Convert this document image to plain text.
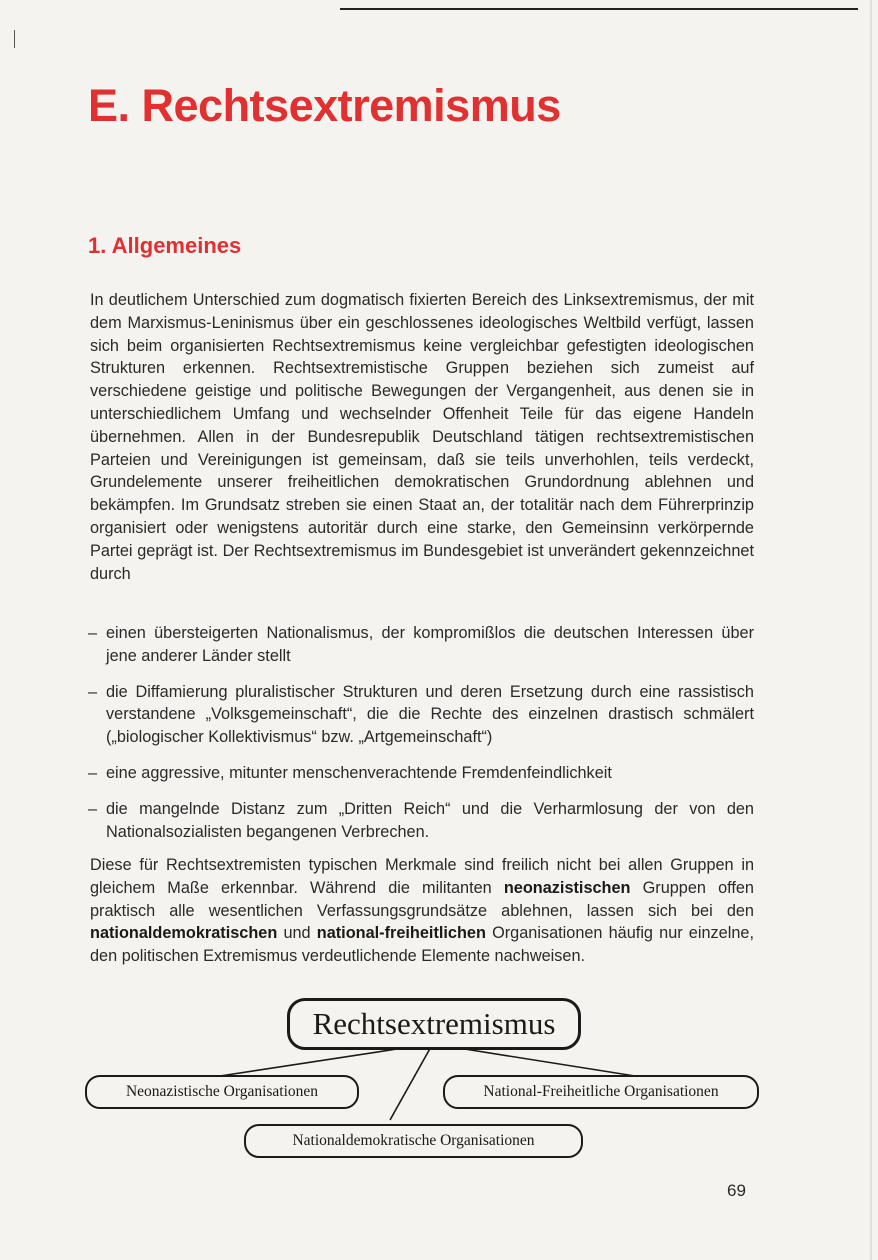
E. Rechtsextremismus
1. Allgemeines

In deutlichem Unterschied zum dogmatisch fixierten Bereich des Linksextremismus, der mit dem Marxismus-Leninismus über ein geschlossenes ideologisches Weltbild verfügt, lassen sich beim organisierten Rechtsextremismus keine vergleichbar gefestigten ideologischen Strukturen erkennen. Rechtsextremistische Gruppen beziehen sich zumeist auf verschiedene geistige und politische Bewegungen der Vergangenheit, aus denen sie in unterschiedlichem Umfang und wechselnder Offenheit Teile für das eigene Handeln übernehmen. Allen in der Bundesrepublik Deutschland tätigen rechtsextremistischen Parteien und Vereinigungen ist gemeinsam, daß sie teils unverhohlen, teils verdeckt, Grundelemente unserer freiheitlichen demokratischen Grundordnung ablehnen und bekämpfen. Im Grundsatz streben sie einen Staat an, der totalitär nach dem Führerprinzip organisiert oder wenigstens autoritär durch eine starke, den Gemeinsinn verkörpernde Partei geprägt ist. Der Rechtsextremismus im Bundesgebiet ist unverändert gekennzeichnet durch

– einen übersteigerten Nationalismus, der kompromißlos die deutschen Interessen über jene anderer Länder stellt
– die Diffamierung pluralistischer Strukturen und deren Ersetzung durch eine rassistisch verstandene „Volksgemeinschaft“, die die Rechte des einzelnen drastisch schmälert („biologischer Kollektivismus“ bzw. „Artgemeinschaft“)
– eine aggressive, mitunter menschenverachtende Fremdenfeindlichkeit
– die mangelnde Distanz zum „Dritten Reich“ und die Verharmlosung der von den Nationalsozialisten begangenen Verbrechen.

Diese für Rechtsextremisten typischen Merkmale sind freilich nicht bei allen Gruppen in gleichem Maße erkennbar. Während die militanten neonazistischen Gruppen offen praktisch alle wesentlichen Verfassungsgrundsätze ablehnen, lassen sich bei den nationaldemokratischen und national-freiheitlichen Organisationen häufig nur einzelne, den politischen Extremismus verdeutlichende Elemente nachweisen.

Rechtsextremismus
Neonazistische Organisationen	National-Freiheitliche Organisationen
Nationaldemokratische Organisationen
69
